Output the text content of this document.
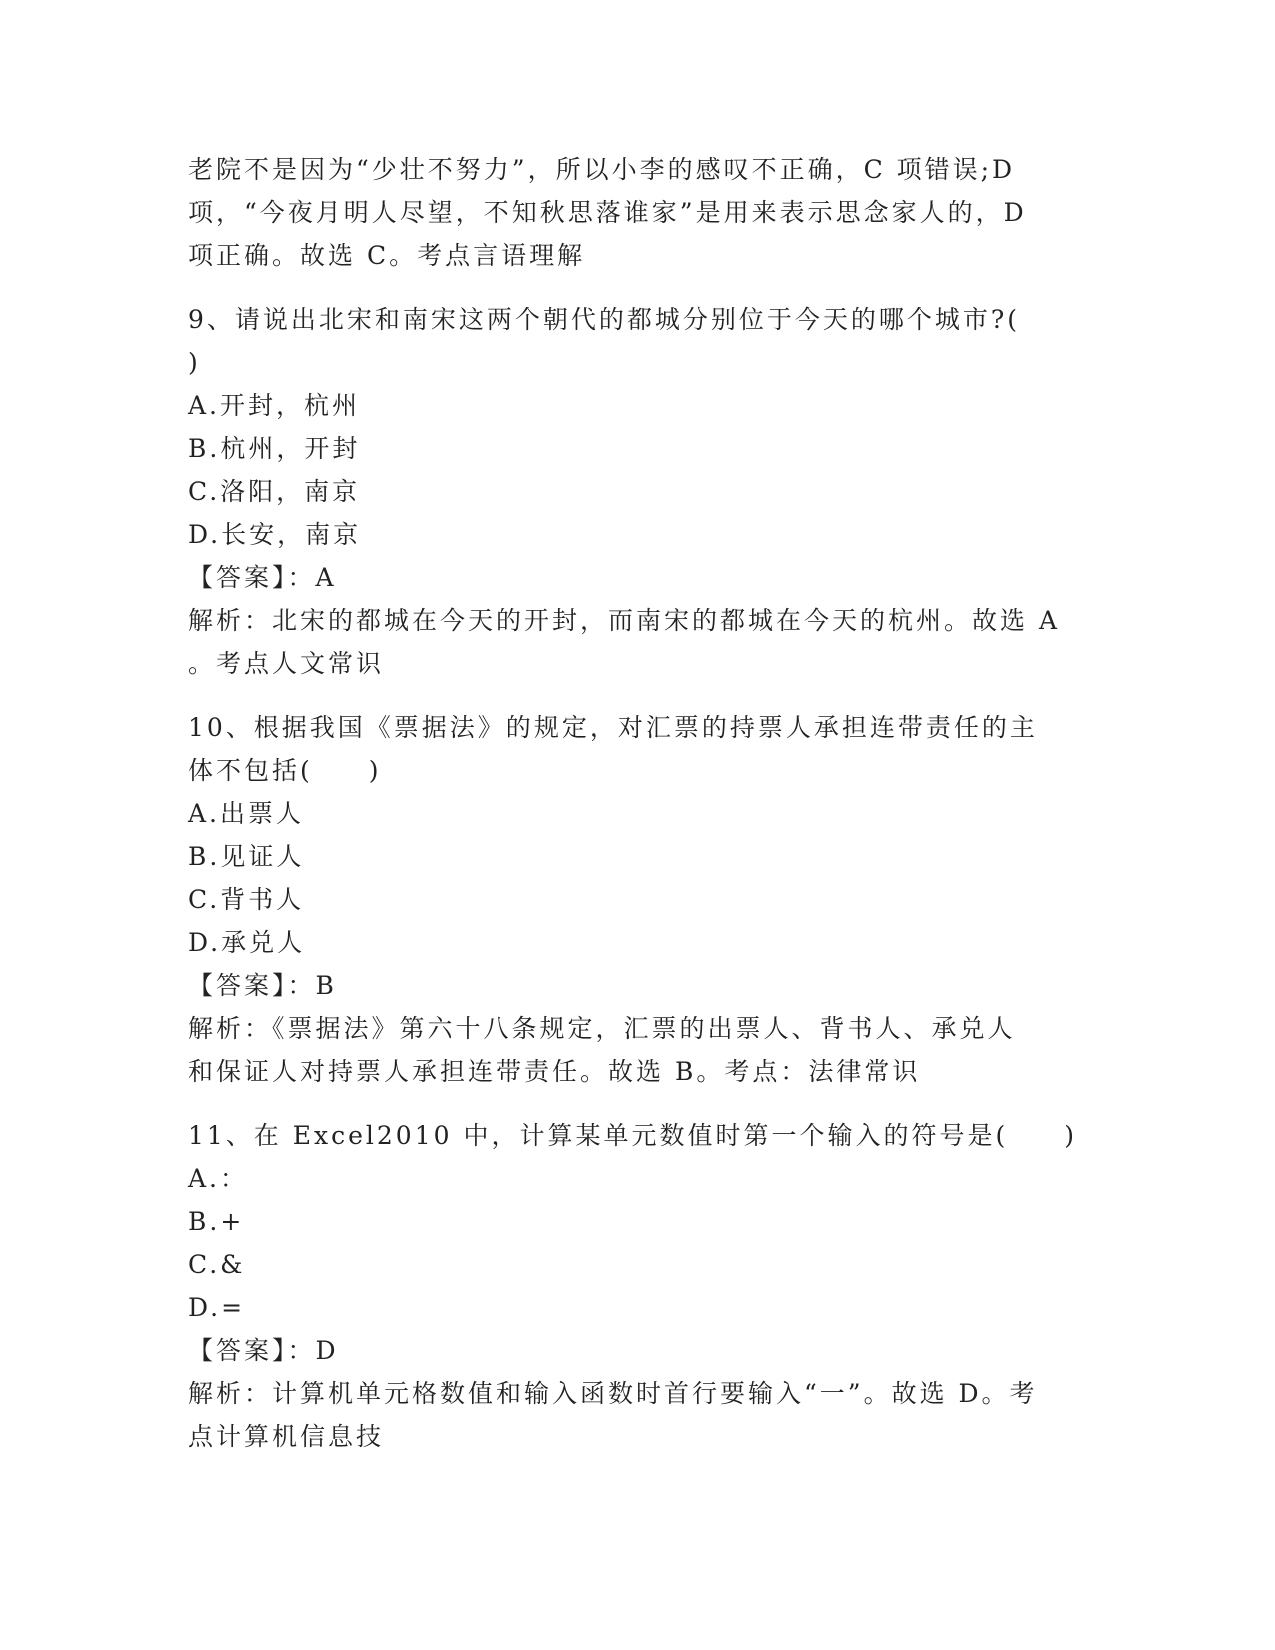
老院不是因为“少壮不努力”，所以小李的感叹不正确，C 项错误;D
项，“今夜月明人尽望，不知秋思落谁家”是用来表示思念家人的，D
项正确。故选 C。考点言语理解
9、请说出北宋和南宋这两个朝代的都城分别位于今天的哪个城市?(
)
A.开封，杭州
B.杭州，开封
C.洛阳，南京
D.长安，南京
【答案】：A
解析：北宋的都城在今天的开封，而南宋的都城在今天的杭州。故选 A
。考点人文常识
10、根据我国《票据法》的规定，对汇票的持票人承担连带责任的主
体不包括(　　)
A.出票人
B.见证人
C.背书人
D.承兑人
【答案】：B
解析：《票据法》第六十八条规定，汇票的出票人、背书人、承兑人
和保证人对持票人承担连带责任。故选 B。考点：法律常识
11、在 Excel2010 中，计算某单元数值时第一个输入的符号是(　　)
A.：
B.+
C.&
D.=
【答案】：D
解析：计算机单元格数值和输入函数时首行要输入“一”。故选 D。考
点计算机信息技
